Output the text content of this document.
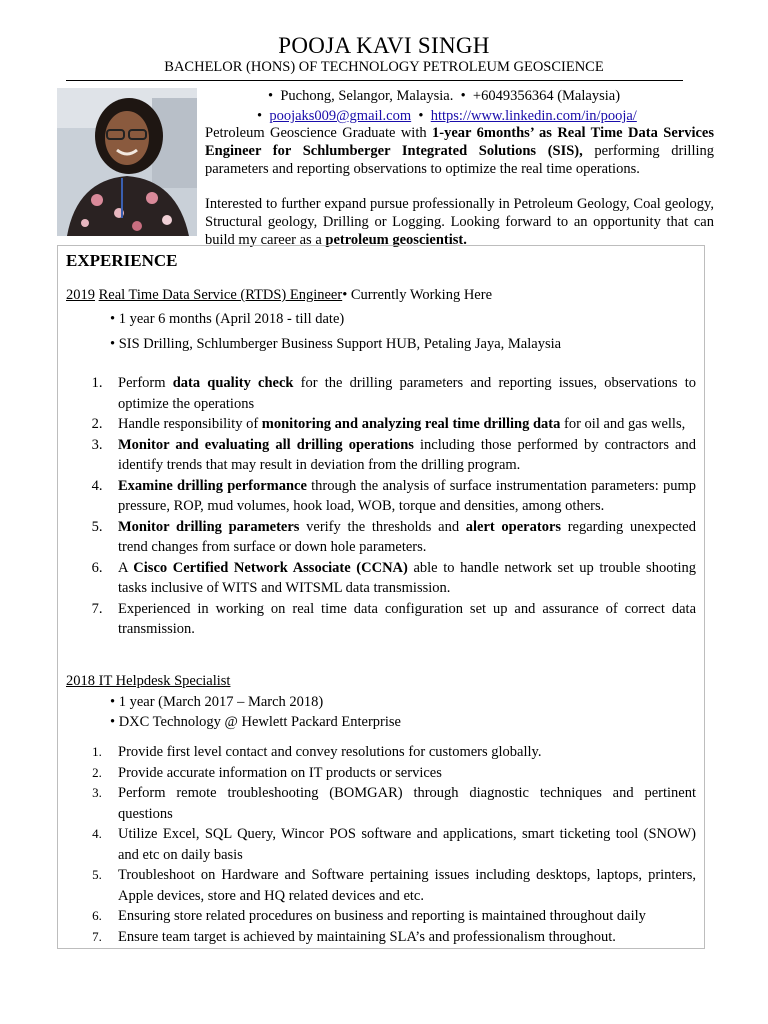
POOJA KAVI SINGH
BACHELOR (HONS) OF TECHNOLOGY PETROLEUM GEOSCIENCE
•  Puchong, Selangor, Malaysia.  •  +6049356364 (Malaysia)
•  poojaks009@gmail.com  •  https://www.linkedin.com/in/pooja/

Petroleum Geoscience Graduate with 1-year 6months’ as Real Time Data Services Engineer for Schlumberger Integrated Solutions (SIS), performing drilling parameters and reporting observations to optimize the real time operations.

Interested to further expand pursue professionally in Petroleum Geology, Coal geology, Structural geology, Drilling or Logging. Looking forward to an opportunity that can build my career as a petroleum geoscientist.

EXPERIENCE
2019 Real Time Data Service (RTDS) Engineer• Currently Working Here
• 1 year 6 months (April 2018 - till date)
• SIS Drilling, Schlumberger Business Support HUB, Petaling Jaya, Malaysia
1.	Perform data quality check for the drilling parameters and reporting issues, observations to optimize the operations
2.	Handle responsibility of monitoring and analyzing real time drilling data for oil and gas wells,
3.	Monitor and evaluating all drilling operations including those performed by contractors and identify trends that may result in deviation from the drilling program.
4.	Examine drilling performance through the analysis of surface instrumentation parameters: pump pressure, ROP, mud volumes, hook load, WOB, torque and densities, among others.
5.	Monitor drilling parameters verify the thresholds and alert operators regarding unexpected trend changes from surface or down hole parameters.
6.	A Cisco Certified Network Associate (CCNA) able to handle network set up trouble shooting tasks inclusive of WITS and WITSML data transmission.
7.	Experienced in working on real time data configuration set up and assurance of correct data transmission.
2018 IT Helpdesk Specialist
• 1 year (March 2017 – March 2018)
• DXC Technology @ Hewlett Packard Enterprise
1.	Provide first level contact and convey resolutions for customers globally.
2.	Provide accurate information on IT products or services
3.	Perform remote troubleshooting (BOMGAR) through diagnostic techniques and pertinent questions
4.	Utilize Excel, SQL Query, Wincor POS software and applications, smart ticketing tool (SNOW) and etc on daily basis
5.	Troubleshoot on Hardware and Software pertaining issues including desktops, laptops, printers, Apple devices, store and HQ related devices and etc.
6.	Ensuring store related procedures on business and reporting is maintained throughout daily
7.	Ensure team target is achieved by maintaining SLA’s and professionalism throughout.
